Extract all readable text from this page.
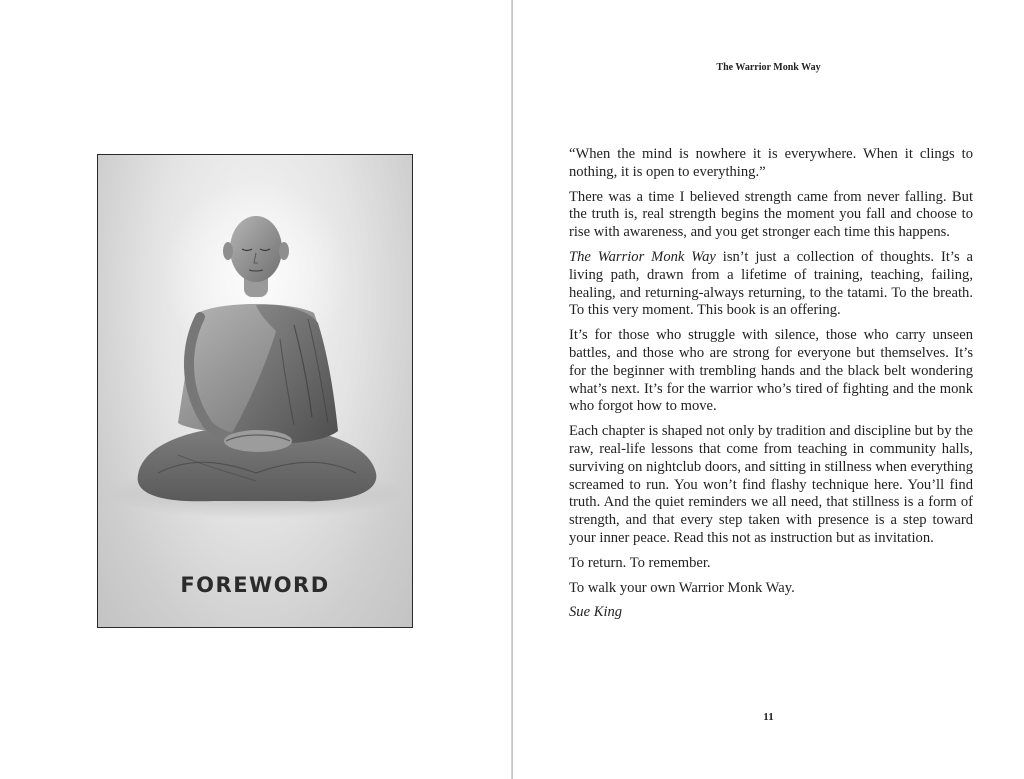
FOREWORD
The Warrior Monk Way

“When the mind is nowhere it is everywhere. When it clings to nothing, it is open to everything.”

There was a time I believed strength came from never falling. But the truth is, real strength begins the moment you fall and choose to rise with awareness, and you get stronger each time this happens.

The Warrior Monk Way isn’t just a collection of thoughts. It’s a living path, drawn from a lifetime of training, teaching, failing, healing, and returning-always returning, to the tatami. To the breath. To this very moment. This book is an offering.

It’s for those who struggle with silence, those who carry unseen battles, and those who are strong for everyone but themselves. It’s for the beginner with trembling hands and the black belt wondering what’s next. It’s for the warrior who’s tired of fighting and the monk who forgot how to move.

Each chapter is shaped not only by tradition and discipline but by the raw, real-life lessons that come from teaching in community halls, surviving on nightclub doors, and sitting in stillness when everything screamed to run. You won’t find flashy technique here. You’ll find truth. And the quiet reminders we all need, that stillness is a form of strength, and that every step taken with presence is a step toward your inner peace. Read this not as instruction but as invitation.

To return. To remember.

To walk your own Warrior Monk Way.

Sue King

11
